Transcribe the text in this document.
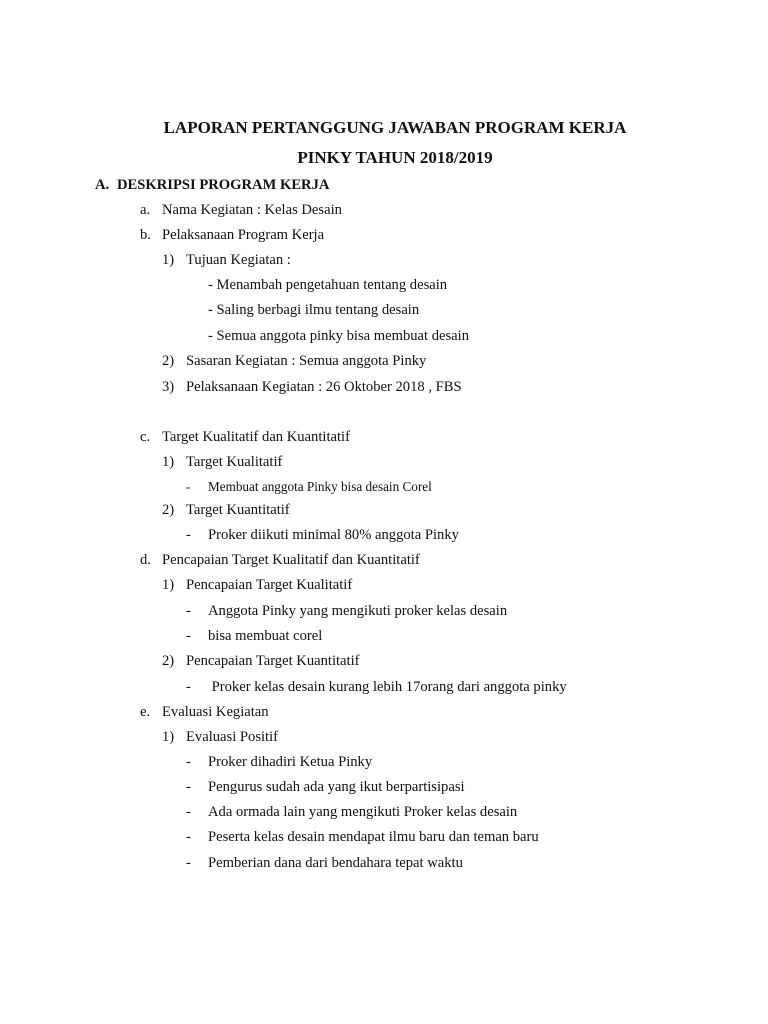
LAPORAN PERTANGGUNG JAWABAN PROGRAM KERJA
PINKY TAHUN 2018/2019
A. DESKRIPSI PROGRAM KERJA
a. Nama Kegiatan : Kelas Desain
b. Pelaksanaan Program Kerja
1) Tujuan Kegiatan :
- Menambah pengetahuan tentang desain
- Saling berbagi ilmu tentang desain
- Semua anggota pinky bisa membuat desain
2) Sasaran Kegiatan : Semua anggota Pinky
3) Pelaksanaan Kegiatan : 26 Oktober 2018 , FBS
c. Target Kualitatif dan Kuantitatif
1) Target Kualitatif
- Membuat anggota Pinky bisa desain Corel
2) Target Kuantitatif
- Proker diikuti minimal 80% anggota Pinky
d. Pencapaian Target Kualitatif dan Kuantitatif
1) Pencapaian Target Kualitatif
- Anggota Pinky yang mengikuti proker kelas desain
- bisa membuat corel
2) Pencapaian Target Kuantitatif
- Proker kelas desain kurang lebih 17orang dari anggota pinky
e. Evaluasi Kegiatan
1) Evaluasi Positif
- Proker dihadiri Ketua Pinky
- Pengurus sudah ada yang ikut berpartisipasi
- Ada ormada lain yang mengikuti Proker kelas desain
- Peserta kelas desain mendapat ilmu baru dan teman baru
- Pemberian dana dari bendahara tepat waktu
